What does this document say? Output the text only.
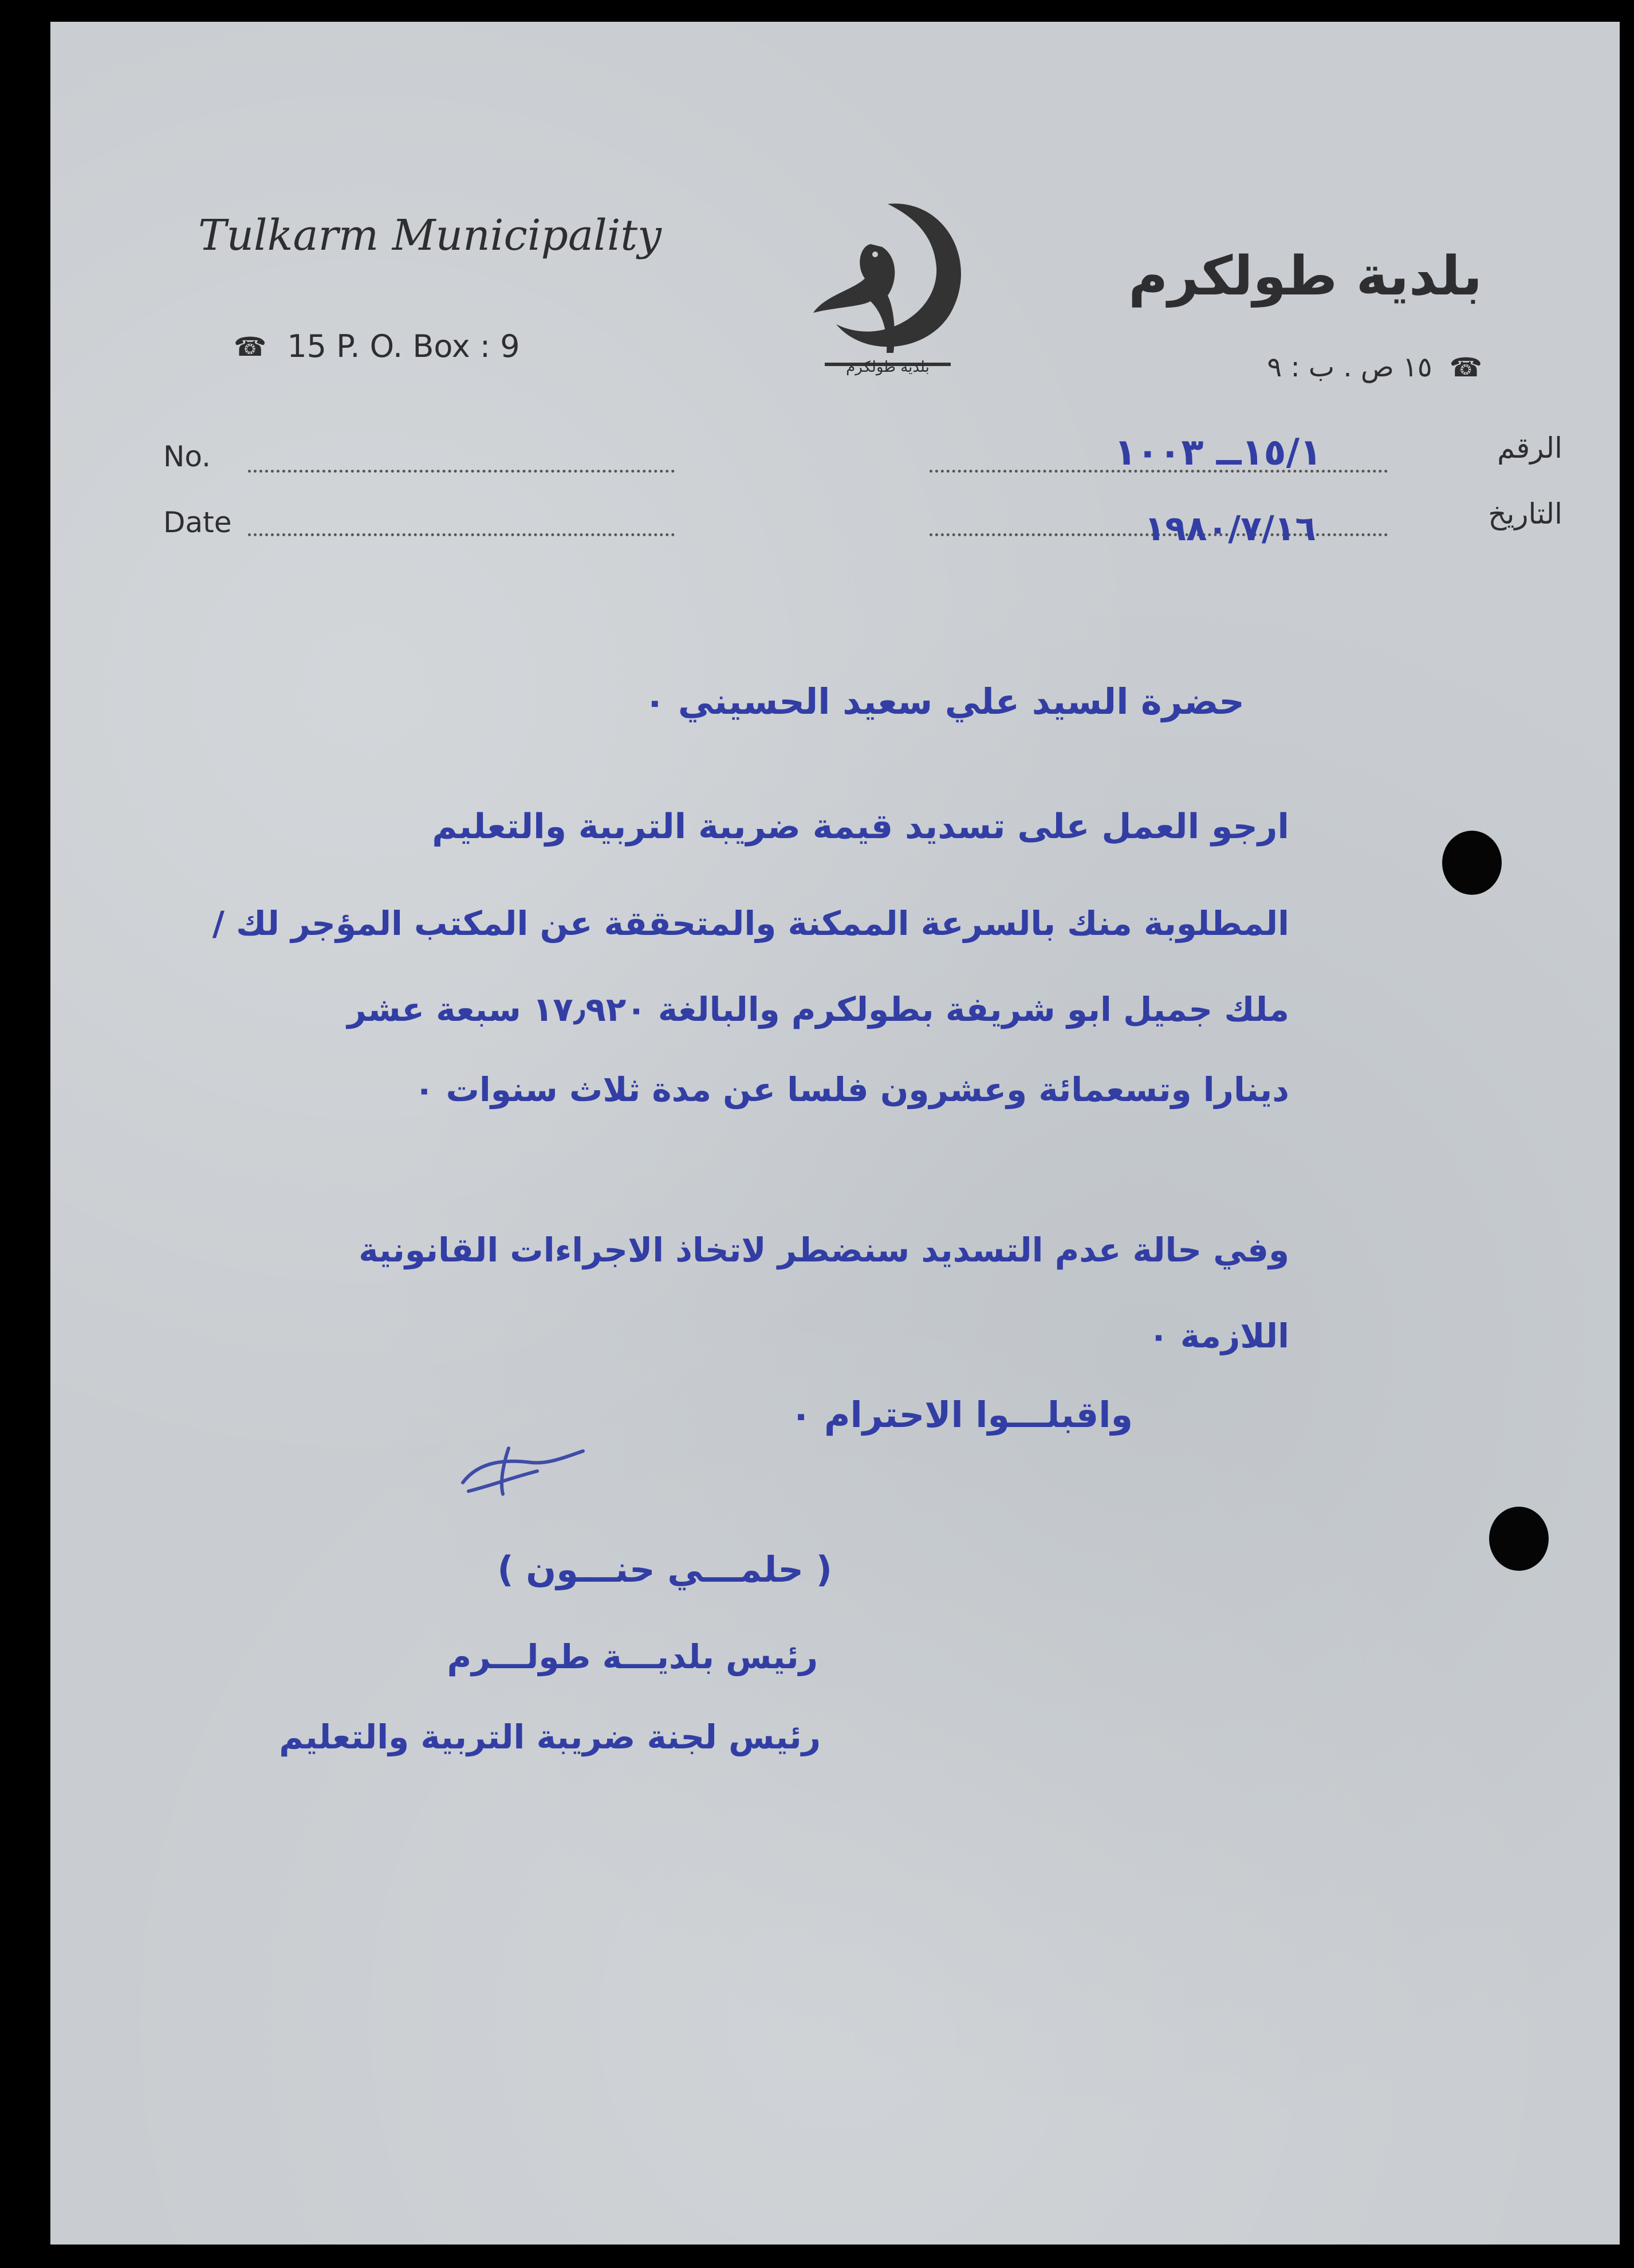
Tulkarm Municipality
☎ 15 P. O. Box : 9
بلدية طولكرم
بلدية طولكرم
☎
١٥ ص . ب : ٩
No.
Date
الرقم
١٥/١ــ ١٠٠٣
التاريخ
١٩٨٠/٧/١٦
حضرة السيد علي سعيد الحسيني ٠
ارجو العمل على تسديد قيمة ضريبة التربية والتعليم
المطلوبة منك بالسرعة الممكنة والمتحققة عن المكتب المؤجر لك /
ملك جميل ابو شريفة بطولكرم والبالغة ١٧٫٩٢٠ سبعة عشر
دينارا وتسعمائة وعشرون فلسا عن مدة ثلاث سنوات ٠
وفي حالة عدم التسديد سنضطر لاتخاذ الاجراءات القانونية
اللازمة ٠
واقبلـــوا الاحترام ٠
( حلمـــي حنـــون )
رئيس بلديـــة طولـــرم
رئيس لجنة ضريبة التربية والتعليم
